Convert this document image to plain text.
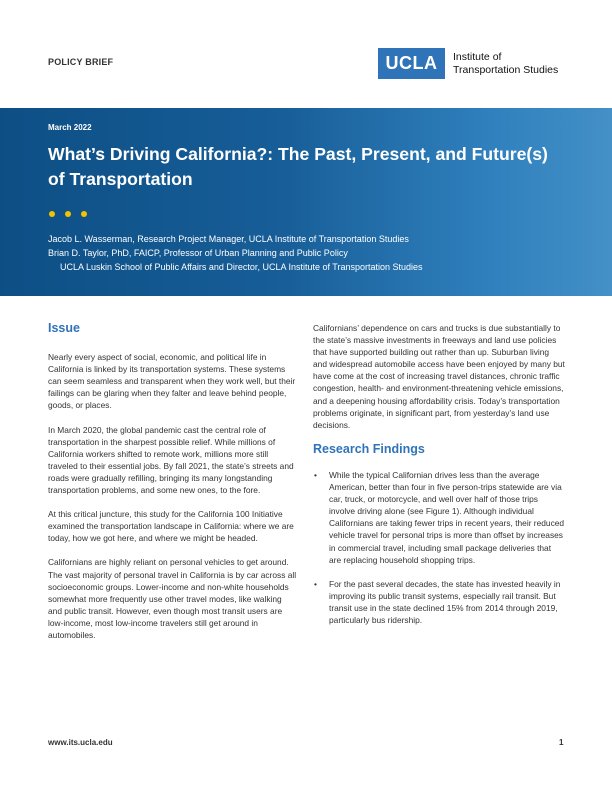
POLICY BRIEF	UCLA	Institute of
Transportation Studies
March 2022
What’s Driving California?: The Past, Present, and Future(s) of Transportation
Jacob L. Wasserman, Research Project Manager, UCLA Institute of Transportation Studies
Brian D. Taylor, PhD, FAICP, Professor of Urban Planning and Public Policy
UCLA Luskin School of Public Affairs and Director, UCLA Institute of Transportation Studies
Issue

Nearly every aspect of social, economic, and political life in California is linked by its transportation systems. These systems can seem seamless and transparent when they work well, but their failings can be glaring when they falter and leave behind people, goods, or places.

In March 2020, the global pandemic cast the central role of transportation in the sharpest possible relief. While millions of California workers shifted to remote work, millions more still traveled to their essential jobs. By fall 2021, the state’s streets and roads were gradually refilling, bringing its many longstanding transportation problems, and some new ones, to the fore.

At this critical juncture, this study for the California 100 Initiative examined the transportation landscape in California: where we are today, how we got here, and where we might be headed.

Californians are highly reliant on personal vehicles to get around. The vast majority of personal travel in California is by car across all socioeconomic groups. Lower-income and non-white households somewhat more frequently use other travel modes, like walking and public transit. However, even though most transit users are low-income, most low-income travelers still get around in automobiles.

Californians’ dependence on cars and trucks is due substantially to the state’s massive investments in freeways and land use policies that have supported building out rather than up. Suburban living and widespread automobile access have been enjoyed by many but have come at the cost of increasing travel distances, chronic traffic congestion, health- and environment-threatening vehicle emissions, and a deepening housing affordability crisis. Today’s transportation problems originate, in significant part, from yesterday’s land use decisions.

Research Findings
• While the typical Californian drives less than the average American, better than four in five person-trips statewide are via car, truck, or motorcycle, and well over half of those trips involve driving alone (see Figure 1). Although individual Californians are taking fewer trips in recent years, their reduced vehicle travel for personal trips is more than offset by increases in commercial travel, including small package deliveries that are replacing household shopping trips.
• For the past several decades, the state has invested heavily in improving its public transit systems, especially rail transit. But transit use in the state declined 15% from 2014 through 2019, particularly bus ridership.
www.its.ucla.edu	1
